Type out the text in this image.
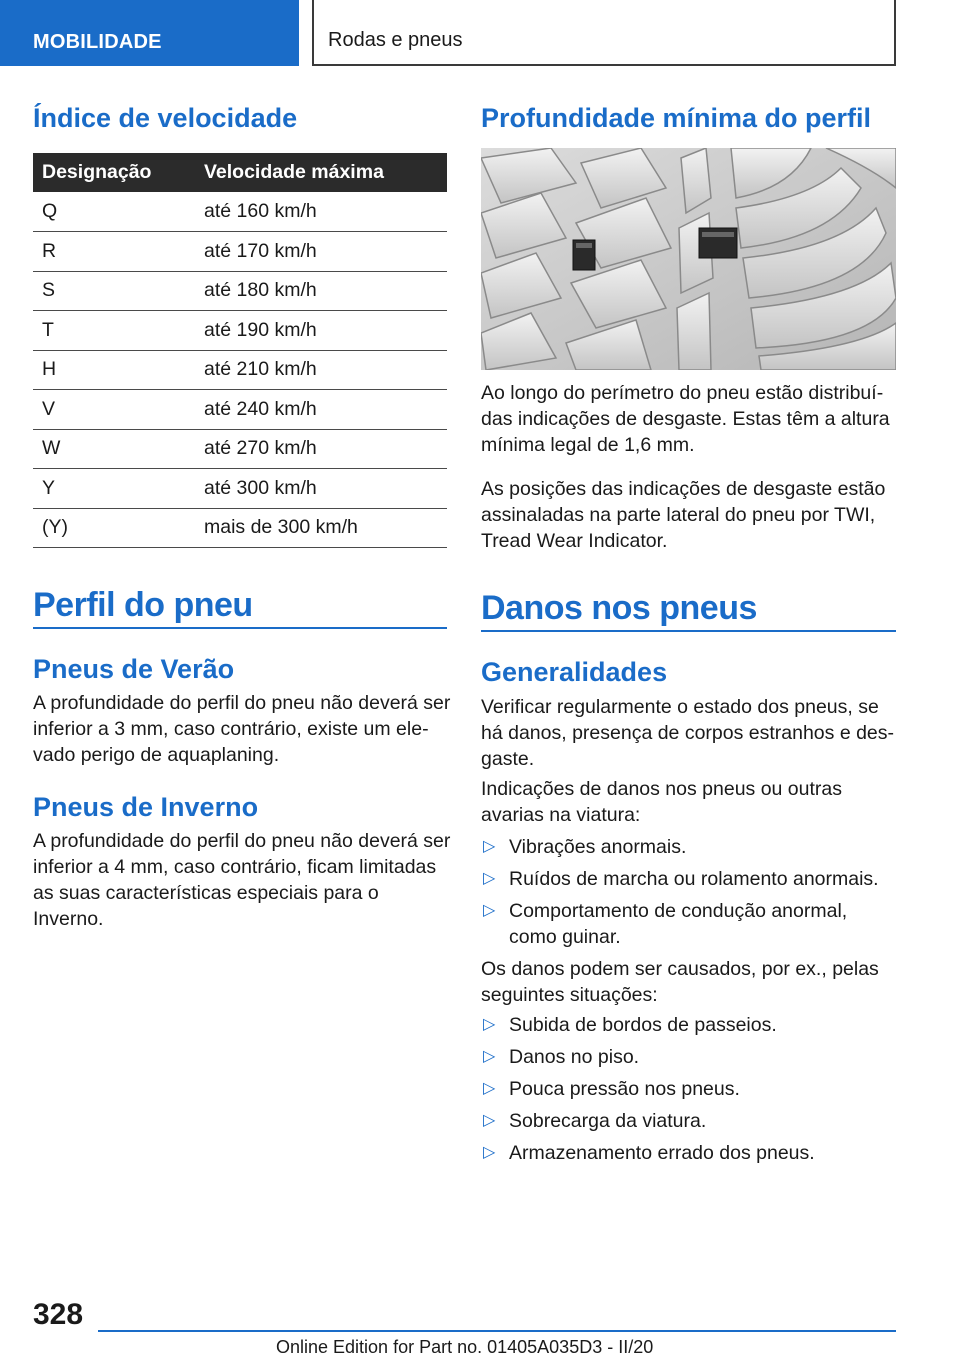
MOBILIDADE	Rodas e pneus
Índice de velocidade
Designação	Velocidade máxima
Q	até 160 km/h
R	até 170 km/h
S	até 180 km/h
T	até 190 km/h
H	até 210 km/h
V	até 240 km/h
W	até 270 km/h
Y	até 300 km/h
(Y)	mais de 300 km/h
Perfil do pneu
Pneus de Verão
A profundidade do perfil do pneu não deverá ser inferior a 3 mm, caso contrário, existe um elevado perigo de aquaplaning.
Pneus de Inverno
A profundidade do perfil do pneu não deverá ser inferior a 4 mm, caso contrário, ficam limitadas as suas características especiais para o Inverno.
Profundidade mínima do perfil
Ao longo do perímetro do pneu estão distribuídas indicações de desgaste. Estas têm a altura mínima legal de 1,6 mm.
As posições das indicações de desgaste estão assinaladas na parte lateral do pneu por TWI, Tread Wear Indicator.
Danos nos pneus
Generalidades
Verificar regularmente o estado dos pneus, se há danos, presença de corpos estranhos e desgaste.
Indicações de danos nos pneus ou outras avarias na viatura:
▷ Vibrações anormais.
▷ Ruídos de marcha ou rolamento anormais.
▷ Comportamento de condução anormal, como guinar.
Os danos podem ser causados, por ex., pelas seguintes situações:
▷ Subida de bordos de passeios.
▷ Danos no piso.
▷ Pouca pressão nos pneus.
▷ Sobrecarga da viatura.
▷ Armazenamento errado dos pneus.
328
Online Edition for Part no. 01405A035D3 - II/20
